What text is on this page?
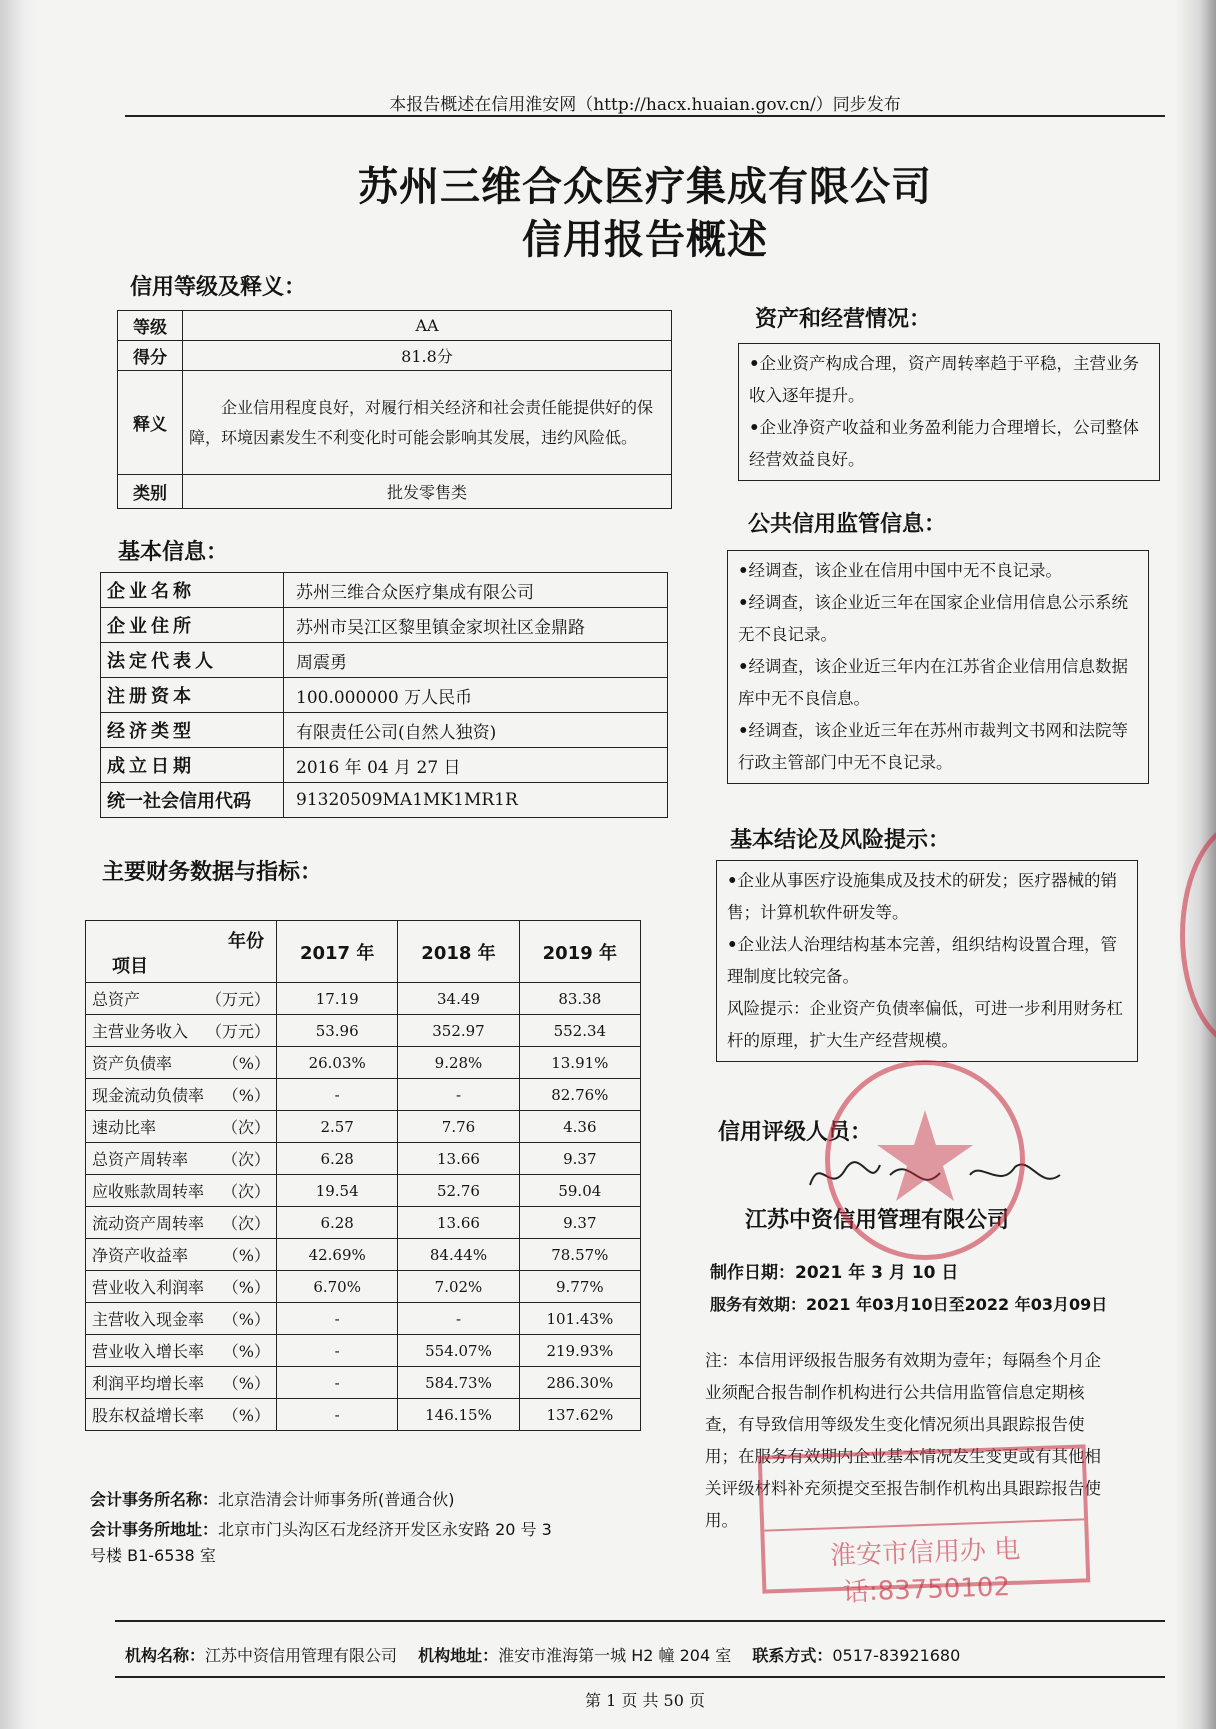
本报告概述在信用淮安网（http://hacx.huaian.gov.cn/）同步发布
苏州三维合众医疗集成有限公司
信用报告概述
信用等级及释义：
等级	AA
得分	81.8分
释义	企业信用程度良好，对履行相关经济和社会责任能提供好的保障，环境因素发生不利变化时可能会影响其发展，违约风险低。
类别	批发零售类
基本信息：
企业名称	苏州三维合众医疗集成有限公司
企业住所	苏州市吴江区黎里镇金家坝社区金鼎路
法定代表人	周震勇
注册资本	100.000000 万人民币
经济类型	有限责任公司(自然人独资)
成立日期	2016 年 04 月 27 日
统一社会信用代码	91320509MA1MK1MR1R
主要财务数据与指标：
年份
项目	2017 年	2018 年	2019 年
总资产 （万元）	17.19	34.49	83.38
主营业务收入 （万元）	53.96	352.97	552.34
资产负债率 （%）	26.03%	9.28%	13.91%
现金流动负债率 （%）	-	-	82.76%
速动比率 （次）	2.57	7.76	4.36
总资产周转率 （次）	6.28	13.66	9.37
应收账款周转率 （次）	19.54	52.76	59.04
流动资产周转率 （次）	6.28	13.66	9.37
净资产收益率 （%）	42.69%	84.44%	78.57%
营业收入利润率 （%）	6.70%	7.02%	9.77%
主营收入现金率 （%）	-	-	101.43%
营业收入增长率 （%）	-	554.07%	219.93%
利润平均增长率 （%）	-	584.73%	286.30%
股东权益增长率 （%）	-	146.15%	137.62%
会计事务所名称：北京浩清会计师事务所(普通合伙)
会计事务所地址：北京市门头沟区石龙经济开发区永安路 20 号 3
号楼 B1-6538 室
资产和经营情况：

• 企业资产构成合理，资产周转率趋于平稳，主营业务收入逐年提升。

• 企业净资产收益和业务盈利能力合理增长，公司整体经营效益良好。

公共信用监管信息：

• 经调查，该企业在信用中国中无不良记录。

• 经调查，该企业近三年在国家企业信用信息公示系统无不良记录。

• 经调查，该企业近三年内在江苏省企业信用信息数据库中无不良信息。

• 经调查，该企业近三年在苏州市裁判文书网和法院等行政主管部门中无不良记录。

基本结论及风险提示：

• 企业从事医疗设施集成及技术的研发；医疗器械的销售；计算机软件研发等。

• 企业法人治理结构基本完善，组织结构设置合理，管理制度比较完备。

风险提示：企业资产负债率偏低，可进一步利用财务杠杆的原理，扩大生产经营规模。

信用评级人员：
江苏中资信用管理有限公司
制作日期：2021 年 3 月 10 日
服务有效期：2021 年03月10日至2022 年03月09日
注：本信用评级报告服务有效期为壹年；每隔叁个月企业须配合报告制作机构进行公共信用监管信息定期核查，有导致信用等级发生变化情况须出具跟踪报告使用；在服务有效期内企业基本情况发生变更或有其他相关评级材料补充须提交至报告制作机构出具跟踪报告使用。
淮安市信用办 电话:83750102
机构名称：江苏中资信用管理有限公司 机构地址：淮安市淮海第一城 H2 幢 204 室 联系方式：0517-83921680
第 1 页 共 50 页
